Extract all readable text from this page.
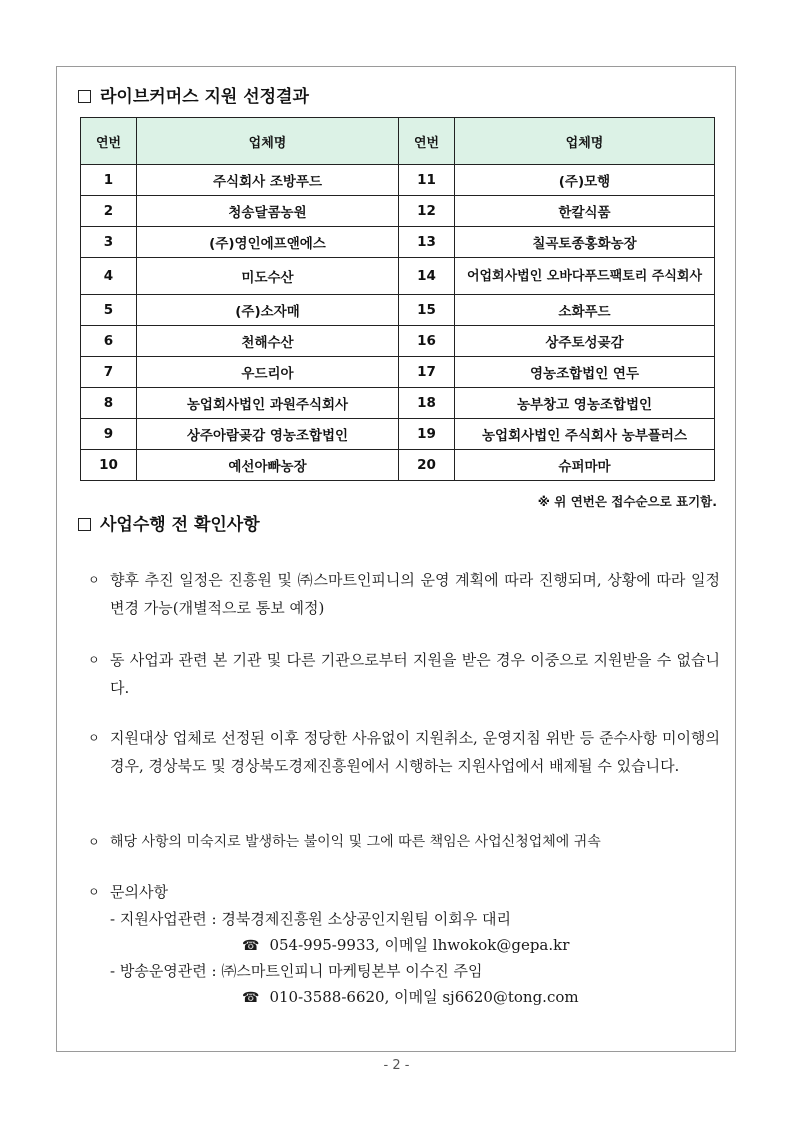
라이브커머스 지원 선정결과
연번	업체명	연번	업체명
1	주식회사 조방푸드	11	(주)모행
2	청송달콤농원	12	한칼식품
3	(주)영인에프앤에스	13	칠곡토종홍화농장
4	미도수산	14	어업회사법인 오바다푸드팩토리 주식회사
5	(주)소자매	15	소화푸드
6	천해수산	16	상주토성곶감
7	우드리아	17	영농조합법인 연두
8	농업회사법인 과원주식회사	18	농부창고 영농조합법인
9	상주아람곶감 영농조합법인	19	농업회사법인 주식회사 농부플러스
10	예선아빠농장	20	슈퍼마마
※ 위 연번은 접수순으로 표기함.
사업수행 전 확인사항
ㅇ 향후 추진 일정은 진흥원 및 ㈜스마트인피니의 운영 계획에 따라 진행되며, 상황에 따라 일정 변경 가능(개별적으로 통보 예정)
ㅇ 동 사업과 관련 본 기관 및 다른 기관으로부터 지원을 받은 경우 이중으로 지원받을 수 없습니다.
ㅇ 지원대상 업체로 선정된 이후 정당한 사유없이 지원취소, 운영지침 위반 등 준수사항 미이행의 경우, 경상북도 및 경상북도경제진흥원에서 시행하는 지원사업에서 배제될 수 있습니다.
ㅇ 해당 사항의 미숙지로 발생하는 불이익 및 그에 따른 책임은 사업신청업체에 귀속
ㅇ 문의사항
- 지원사업관련 : 경북경제진흥원 소상공인지원팀 이회우 대리
☎ 054-995-9933, 이메일 lhwokok@gepa.kr
- 방송운영관련 : ㈜스마트인피니 마케팅본부 이수진 주임
☎ 010-3588-6620, 이메일 sj6620@tong.com
- 2 -
